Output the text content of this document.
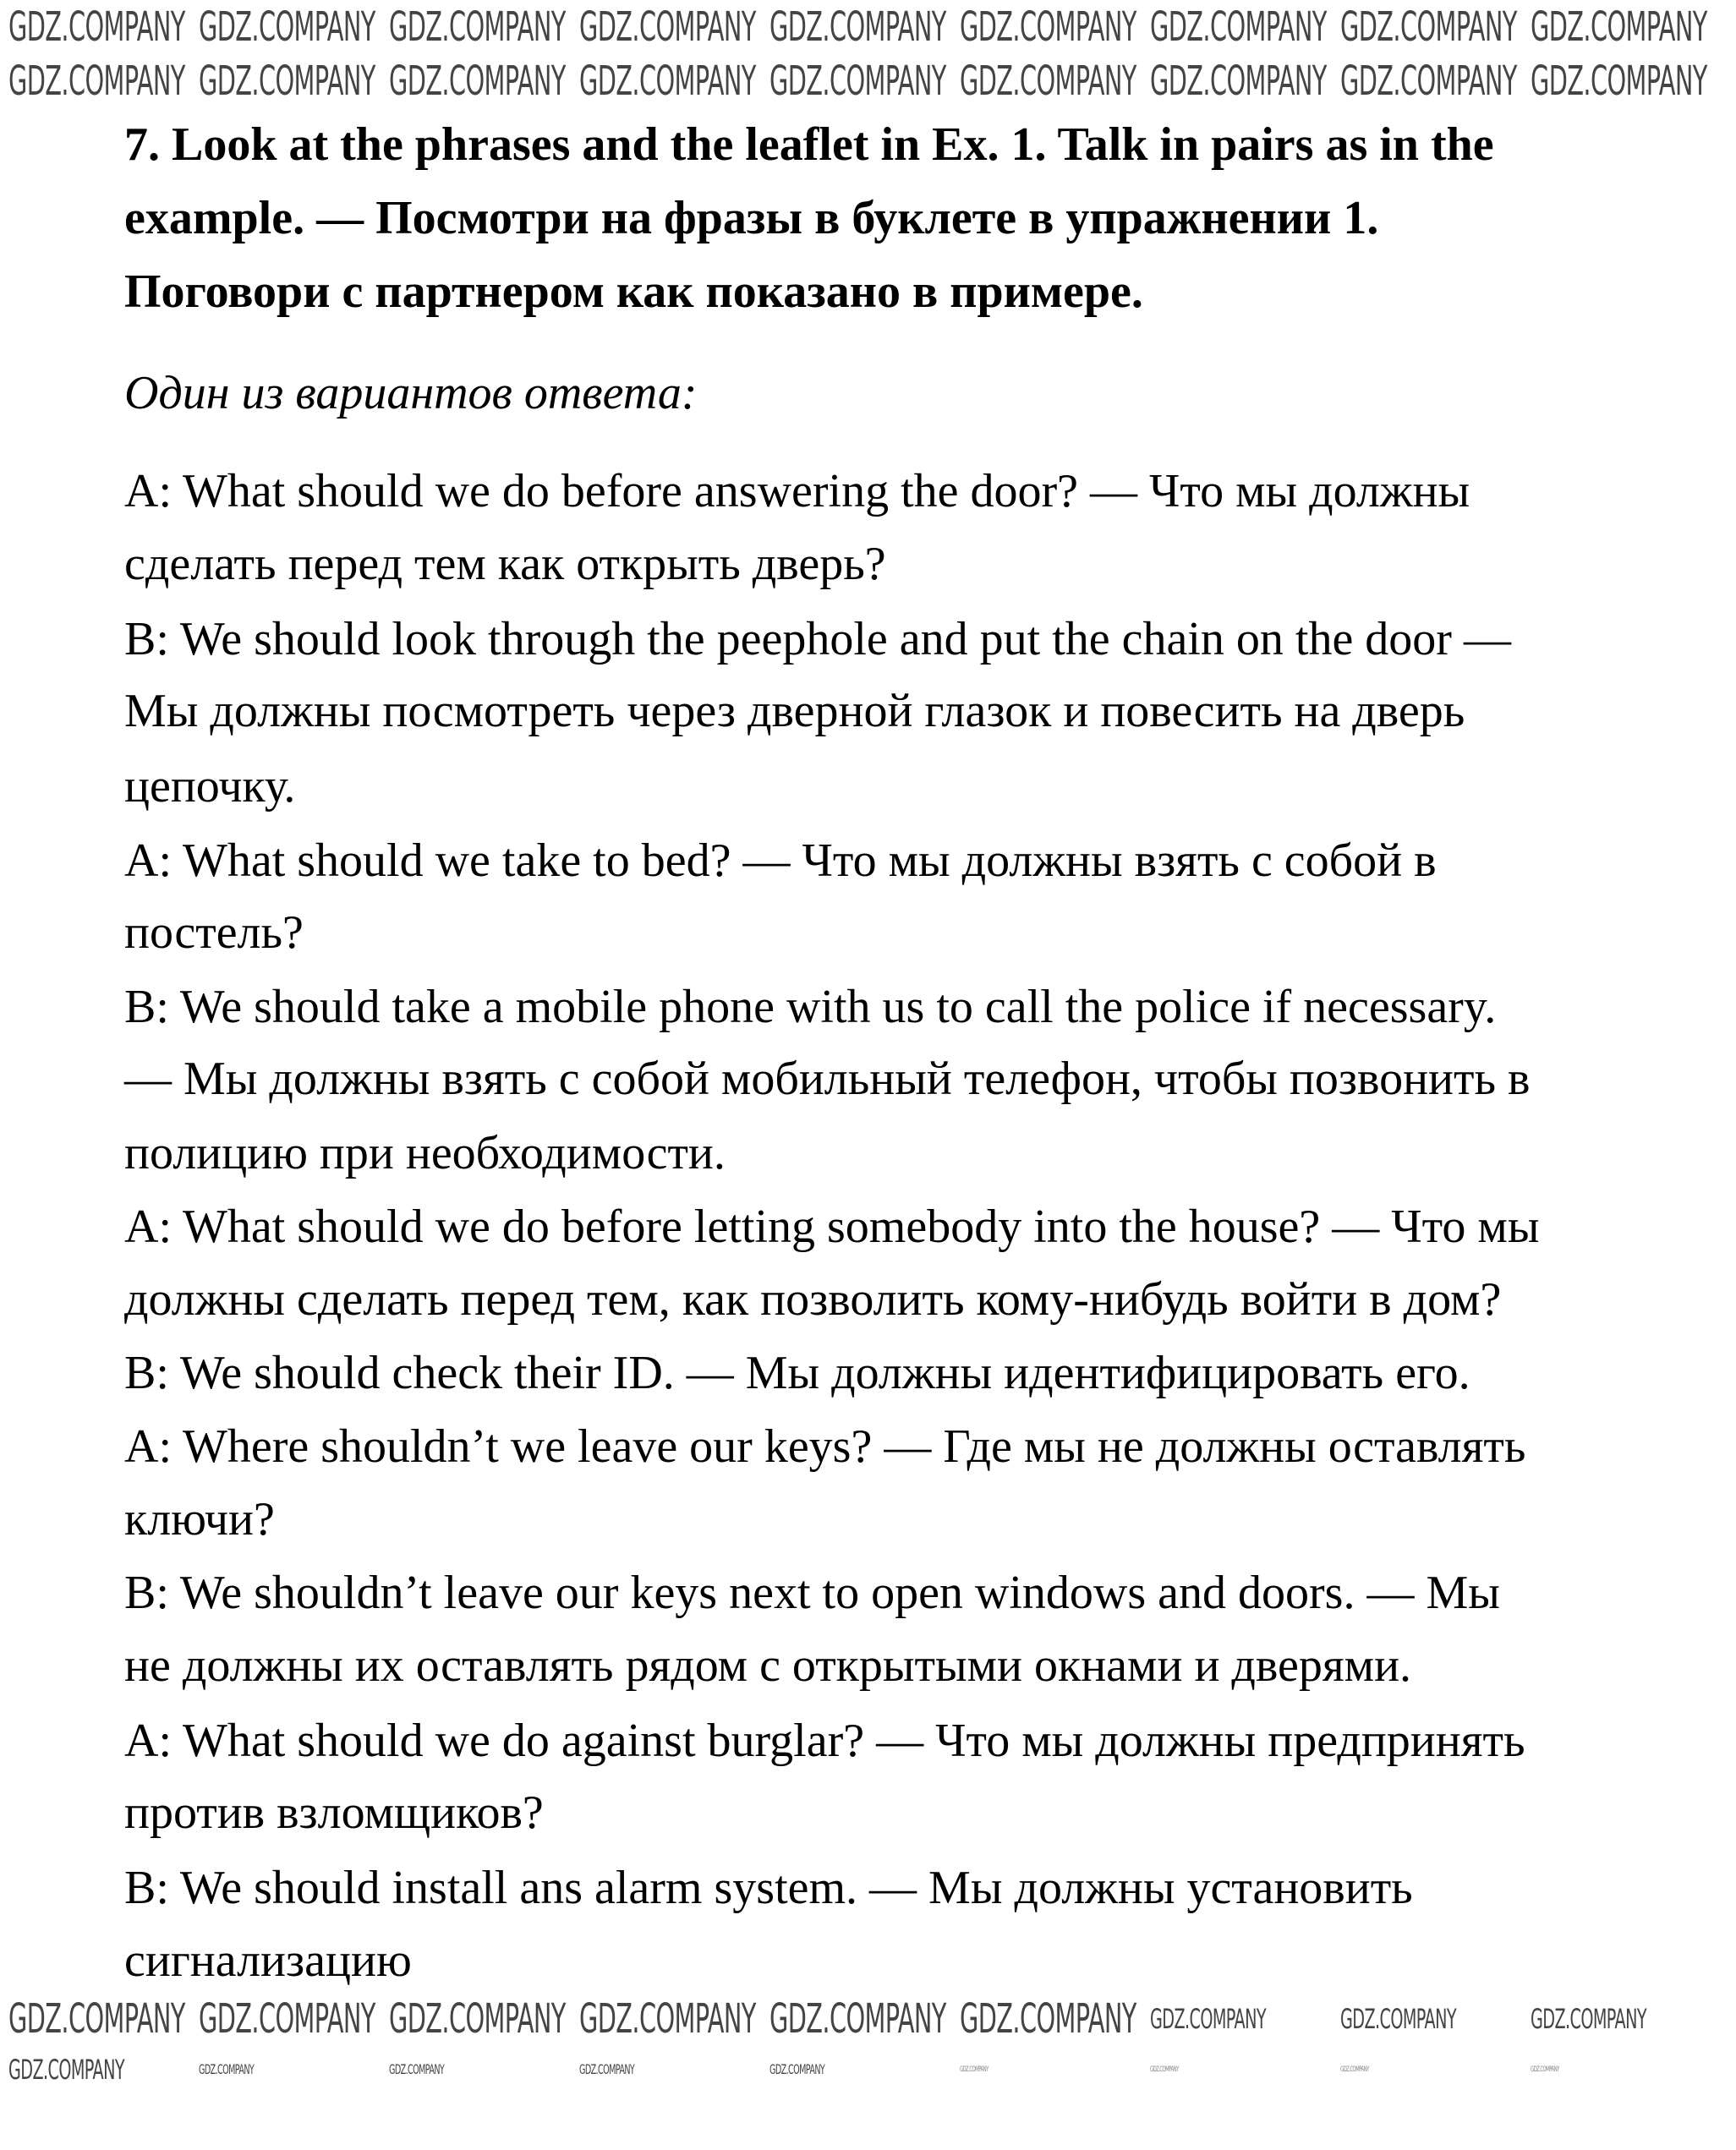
7. Look at the phrases and the leaflet in Ex. 1. Talk in pairs as in the
example. — Посмотри на фразы в буклете в упражнении 1.
Поговори с партнером как показано в примере.
Один из вариантов ответа:
A: What should we do before answering the door? — Что мы должны
сделать перед тем как открыть дверь?
B: We should look through the peephole and put the chain on the door —
Мы должны посмотреть через дверной глазок и повесить на дверь
цепочку.
A: What should we take to bed? — Что мы должны взять с собой в
постель?
B: We should take a mobile phone with us to call the police if necessary.
— Мы должны взять с собой мобильный телефон, чтобы позвонить в
полицию при необходимости.
A: What should we do before letting somebody into the house? — Что мы
должны сделать перед тем, как позволить кому-нибудь войти в дом?
B: We should check their ID. — Мы должны идентифицировать его.
A: Where shouldn’t we leave our keys? — Где мы не должны оставлять
ключи?
B: We shouldn’t leave our keys next to open windows and doors. — Мы
не должны их оставлять рядом с открытыми окнами и дверями.
A: What should we do against burglar? — Что мы должны предпринять
против взломщиков?
B: We should install ans alarm system. — Мы должны установить
сигнализацию
GDZ.COMPANY GDZ.COMPANY GDZ.COMPANY GDZ.COMPANY GDZ.COMPANY GDZ.COMPANY GDZ.COMPANY GDZ.COMPANY GDZ.COMPANY
GDZ.COMPANY GDZ.COMPANY GDZ.COMPANY GDZ.COMPANY GDZ.COMPANY GDZ.COMPANY GDZ.COMPANY GDZ.COMPANY GDZ.COMPANY
GDZ.COMPANY GDZ.COMPANY GDZ.COMPANY GDZ.COMPANY GDZ.COMPANY GDZ.COMPANY GDZ.COMPANY	GDZ.COMPANY	GDZ.COMPANY
GDZ.COMPANY	GDZ.COMPANY	GDZ.COMPANY	GDZ.COMPANY	GDZ.COMPANY	GDZ.COMPANY	GDZ.COMPANY	GDZ.COMPANY	GDZ.COMPANY
